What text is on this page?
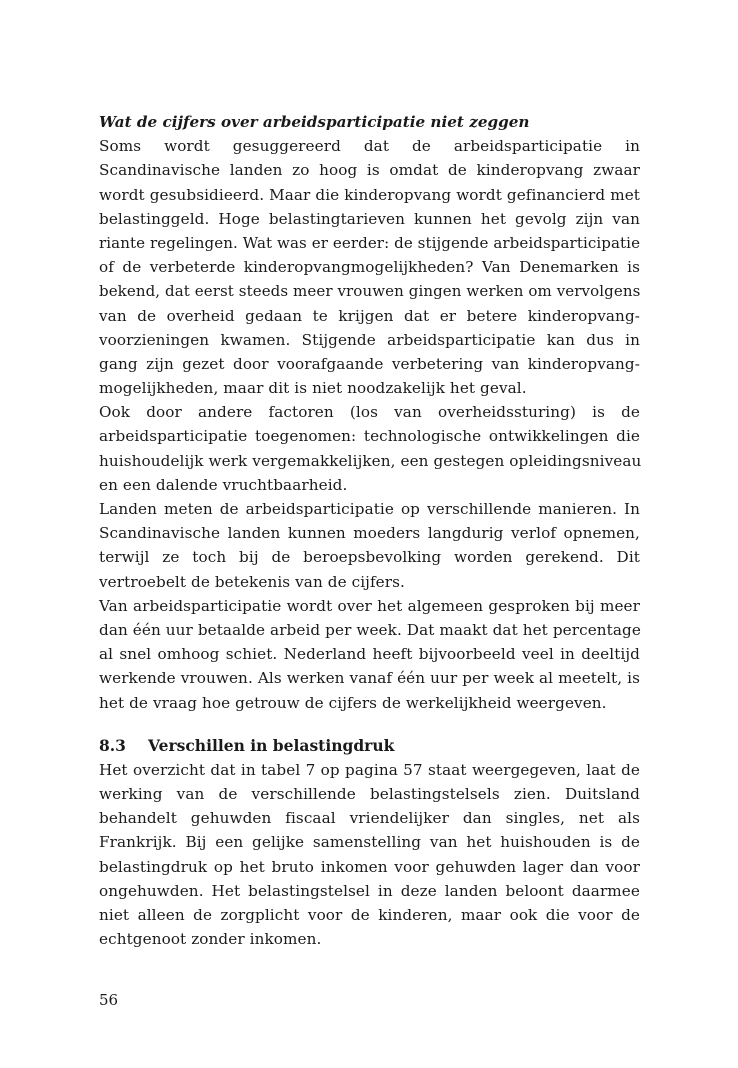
Wat de cijfers over arbeidsparticipatie niet zeggen
Soms wordt gesuggereerd dat de arbeidsparticipatie in
Scandinavische landen zo hoog is omdat de kinderopvang zwaar
wordt gesubsidieerd. Maar die kinderopvang wordt gefinancierd met
belastinggeld. Hoge belastingtarieven kunnen het gevolg zijn van
riante regelingen. Wat was er eerder: de stijgende arbeidsparticipatie
of de verbeterde kinderopvangmogelijkheden? Van Denemarken is
bekend, dat eerst steeds meer vrouwen gingen werken om vervolgens
van de overheid gedaan te krijgen dat er betere kinderopvang-
voorzieningen kwamen. Stijgende arbeidsparticipatie kan dus in
gang zijn gezet door voorafgaande verbetering van kinderopvang-
mogelijkheden, maar dit is niet noodzakelijk het geval.
Ook door andere factoren (los van overheidssturing) is de
arbeidsparticipatie toegenomen: technologische ontwikkelingen die
huishoudelijk werk vergemakkelijken, een gestegen opleidingsniveau
en een dalende vruchtbaarheid.
Landen meten de arbeidsparticipatie op verschillende manieren. In
Scandinavische landen kunnen moeders langdurig verlof opnemen,
terwijl ze toch bij de beroepsbevolking worden gerekend. Dit
vertroebelt de betekenis van de cijfers.
Van arbeidsparticipatie wordt over het algemeen gesproken bij meer
dan één uur betaalde arbeid per week. Dat maakt dat het percentage
al snel omhoog schiet. Nederland heeft bijvoorbeeld veel in deeltijd
werkende vrouwen. Als werken vanaf één uur per week al meetelt, is
het de vraag hoe getrouw de cijfers de werkelijkheid weergeven.
8.3 Verschillen in belastingdruk
Het overzicht dat in tabel 7 op pagina 57 staat weergegeven, laat de
werking van de verschillende belastingstelsels zien. Duitsland
behandelt gehuwden fiscaal vriendelijker dan singles, net als
Frankrijk. Bij een gelijke samenstelling van het huishouden is de
belastingdruk op het bruto inkomen voor gehuwden lager dan voor
ongehuwden. Het belastingstelsel in deze landen beloont daarmee
niet alleen de zorgplicht voor de kinderen, maar ook die voor de
echtgenoot zonder inkomen.
56
